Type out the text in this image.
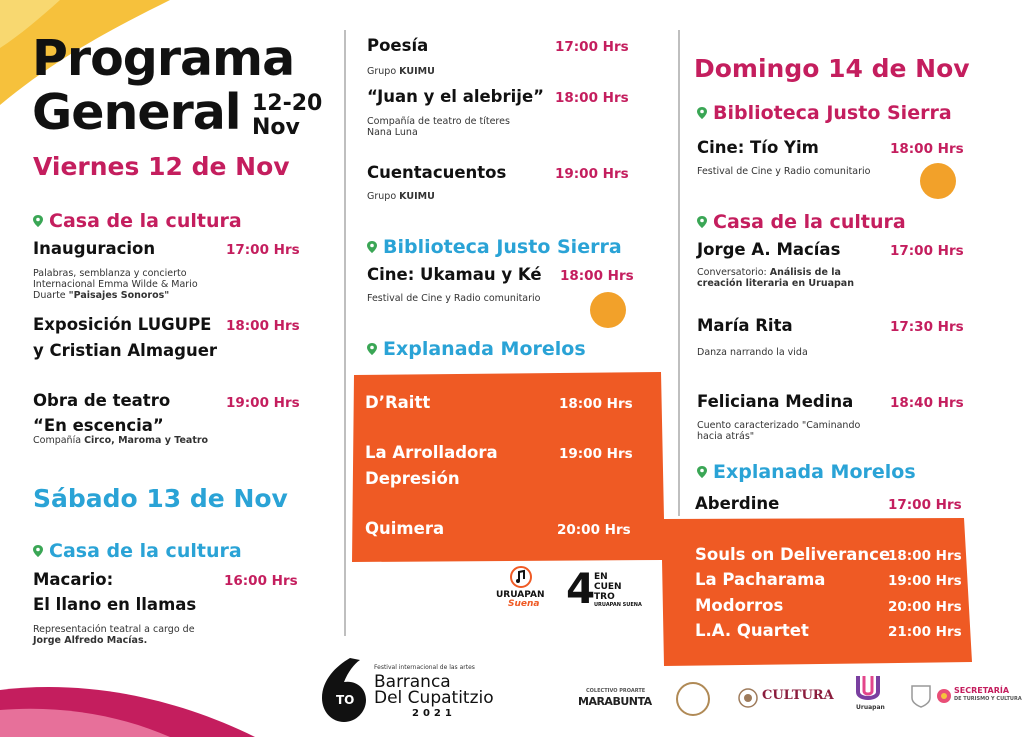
Programa
General 12-20
Nov
Viernes 12 de Nov
Casa de la cultura
Inauguracion	17:00 Hrs
Palabras, semblanza y concierto Internacional Emma Wilde & Mario Duarte "Paisajes Sonoros"
Exposición LUGUPE
y Cristian Almaguer
18:00 Hrs
Obra de teatro
“En escencia”
19:00 Hrs
Compañía Circo, Maroma y Teatro
Sábado 13 de Nov
Casa de la cultura
Macario:
El llano en llamas
16:00 Hrs
Representación teatral a cargo de
Jorge Alfredo Macías.
Poesía	17:00 Hrs
Grupo KUIMU
“Juan y el alebrije” 18:00 Hrs
Compañía de teatro de títeres
Nana Luna
Cuentacuentos	19:00 Hrs
Grupo KUIMU
Biblioteca Justo Sierra
Cine: Ukamau y Ké 18:00 Hrs
Festival de Cine y Radio comunitario
Explanada Morelos
D’Raitt	18:00 Hrs
La Arrolladora
Depresión
19:00 Hrs
Quimera	20:00 Hrs
URUAPAN
Suena 4
EN
CUEN
TRO
URUAPAN SUENA
Domingo 14 de Nov
Biblioteca Justo Sierra
Cine: Tío Yim	18:00 Hrs
Festival de Cine y Radio comunitario
Casa de la cultura
Jorge A. Macías	17:00 Hrs
Conversatorio: Análisis de la creación literaria en Uruapan
María Rita	17:30 Hrs
Danza narrando la vida
Feliciana Medina	18:40 Hrs
Cuento caracterizado "Caminando hacia atrás"
Explanada Morelos
Aberdine	17:00 Hrs
Souls on Deliverance
18:00 Hrs
La Pacharama	19:00 Hrs
Modorros	20:00 Hrs
L.A. Quartet	21:00 Hrs
TO
Festival internacional de las artes
Barranca
Del Cupatitzio
2021
COLECTIVO PROARTE
MARABUNTA	CULTURA
Uruapan
SECRETARÍA
DE TURISMO Y CULTURA
